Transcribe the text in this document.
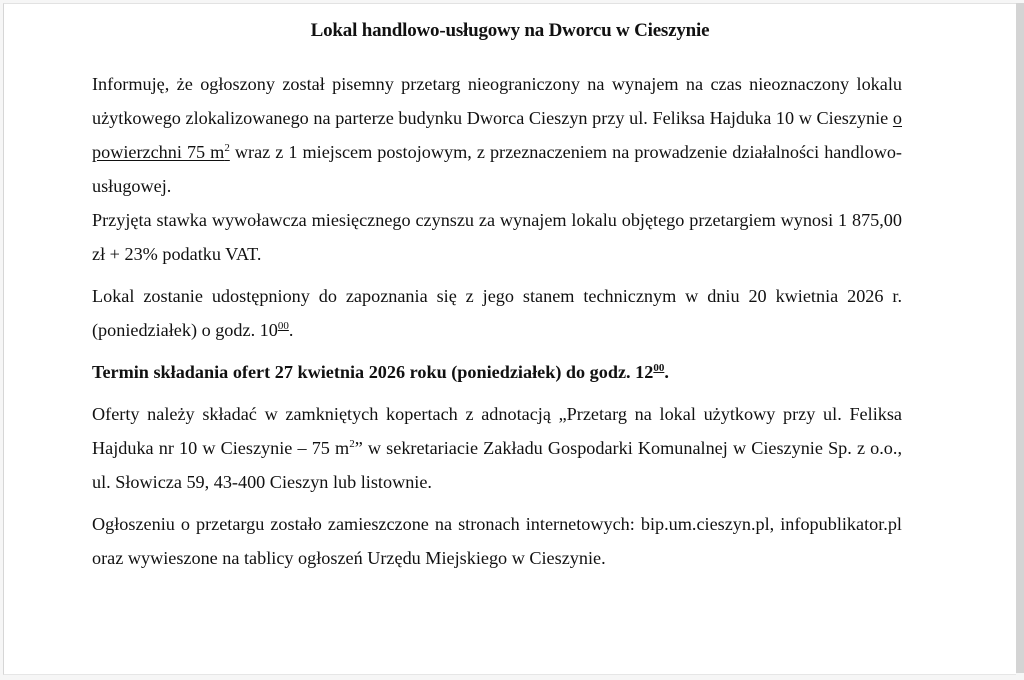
Lokal handlowo-usługowy na Dworcu w Cieszynie

Informuję, że ogłoszony został pisemny przetarg nieograniczony na wynajem na czas nieoznaczony lokalu użytkowego zlokalizowanego na parterze budynku Dworca Cieszyn przy ul. Feliksa Hajduka 10 w Cieszynie o powierzchni 75 $m^2$ wraz z 1 miejscem postojowym, z przeznaczeniem na prowadzenie działalności handlowo-usługowej.

Przyjęta stawka wywoławcza miesięcznego czynszu za wynajem lokalu objętego przetargiem wynosi 1 875,00 zł + 23% podatku VAT.

Lokal zostanie udostępniony do zapoznania się z jego stanem technicznym w dniu 20 kwietnia 2026 r. (poniedziałek) o godz. $10^{00}$.

Termin składania ofert 27 kwietnia 2026 roku (poniedziałek) do godz. $12^{00}$.

Oferty należy składać w zamkniętych kopertach z adnotacją „Przetarg na lokal użytkowy przy ul. Feliksa Hajduka nr 10 w Cieszynie – 75 $m^2$” w sekretariacie Zakładu Gospodarki Komunalnej w Cieszynie Sp. z o.o., ul. Słowicza 59, 43-400 Cieszyn lub listownie.

Ogłoszeniu o przetargu zostało zamieszczone na stronach internetowych: bip.um.cieszyn.pl, infopublikator.pl oraz wywieszone na tablicy ogłoszeń Urzędu Miejskiego w Cieszynie.
